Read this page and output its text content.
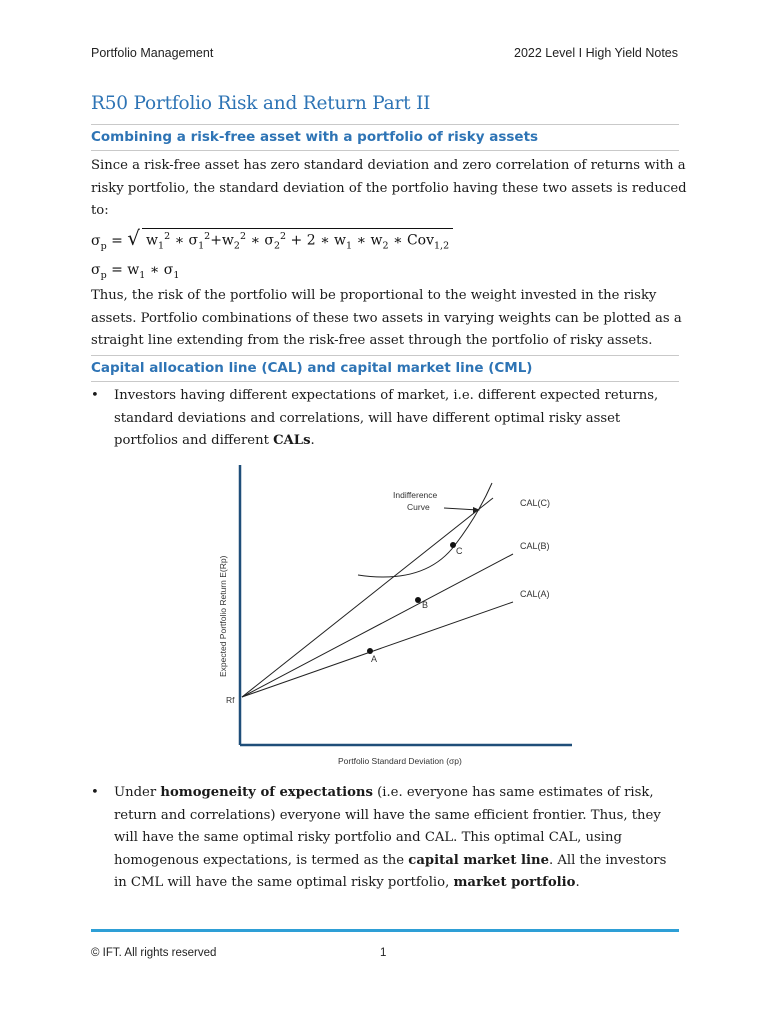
Portfolio Management	2022 Level I High Yield Notes
R50 Portfolio Risk and Return Part II
Combining a risk-free asset with a portfolio of risky assets
Since a risk-free asset has zero standard deviation and zero correlation of returns with a risky portfolio, the standard deviation of the portfolio having these two assets is reduced to:
$\sigma_p$ = √ $w_1^2$ ∗ $\sigma_1^2+w_2^2$ ∗ $\sigma_2^2 + 2$ ∗ $w_1$ ∗ $w_2$ ∗ Cov$_{1,2}$
$\sigma_p = w_1$ ∗ $\sigma_1$
Thus, the risk of the portfolio will be proportional to the weight invested in the risky assets. Portfolio combinations of these two assets in varying weights can be plotted as a straight line extending from the risk-free asset through the portfolio of risky assets.
Capital allocation line (CAL) and capital market line (CML)
• Investors having different expectations of market, i.e. different expected returns, standard deviations and correlations, will have different optimal risky asset portfolios and different CALs.
C
B
A
CAL(C)
CAL(B)
CAL(A)
Indifference
Curve
Rf
Portfolio Standard Deviation (σp)
Expected Portfolio Return E(Rp)
• Under homogeneity of expectations (i.e. everyone has same estimates of risk, return and correlations) everyone will have the same efficient frontier. Thus, they will have the same optimal risky portfolio and CAL. This optimal CAL, using homogenous expectations, is termed as the capital market line. All the investors in CML will have the same optimal risky portfolio, market portfolio.
© IFT. All rights reserved	1
